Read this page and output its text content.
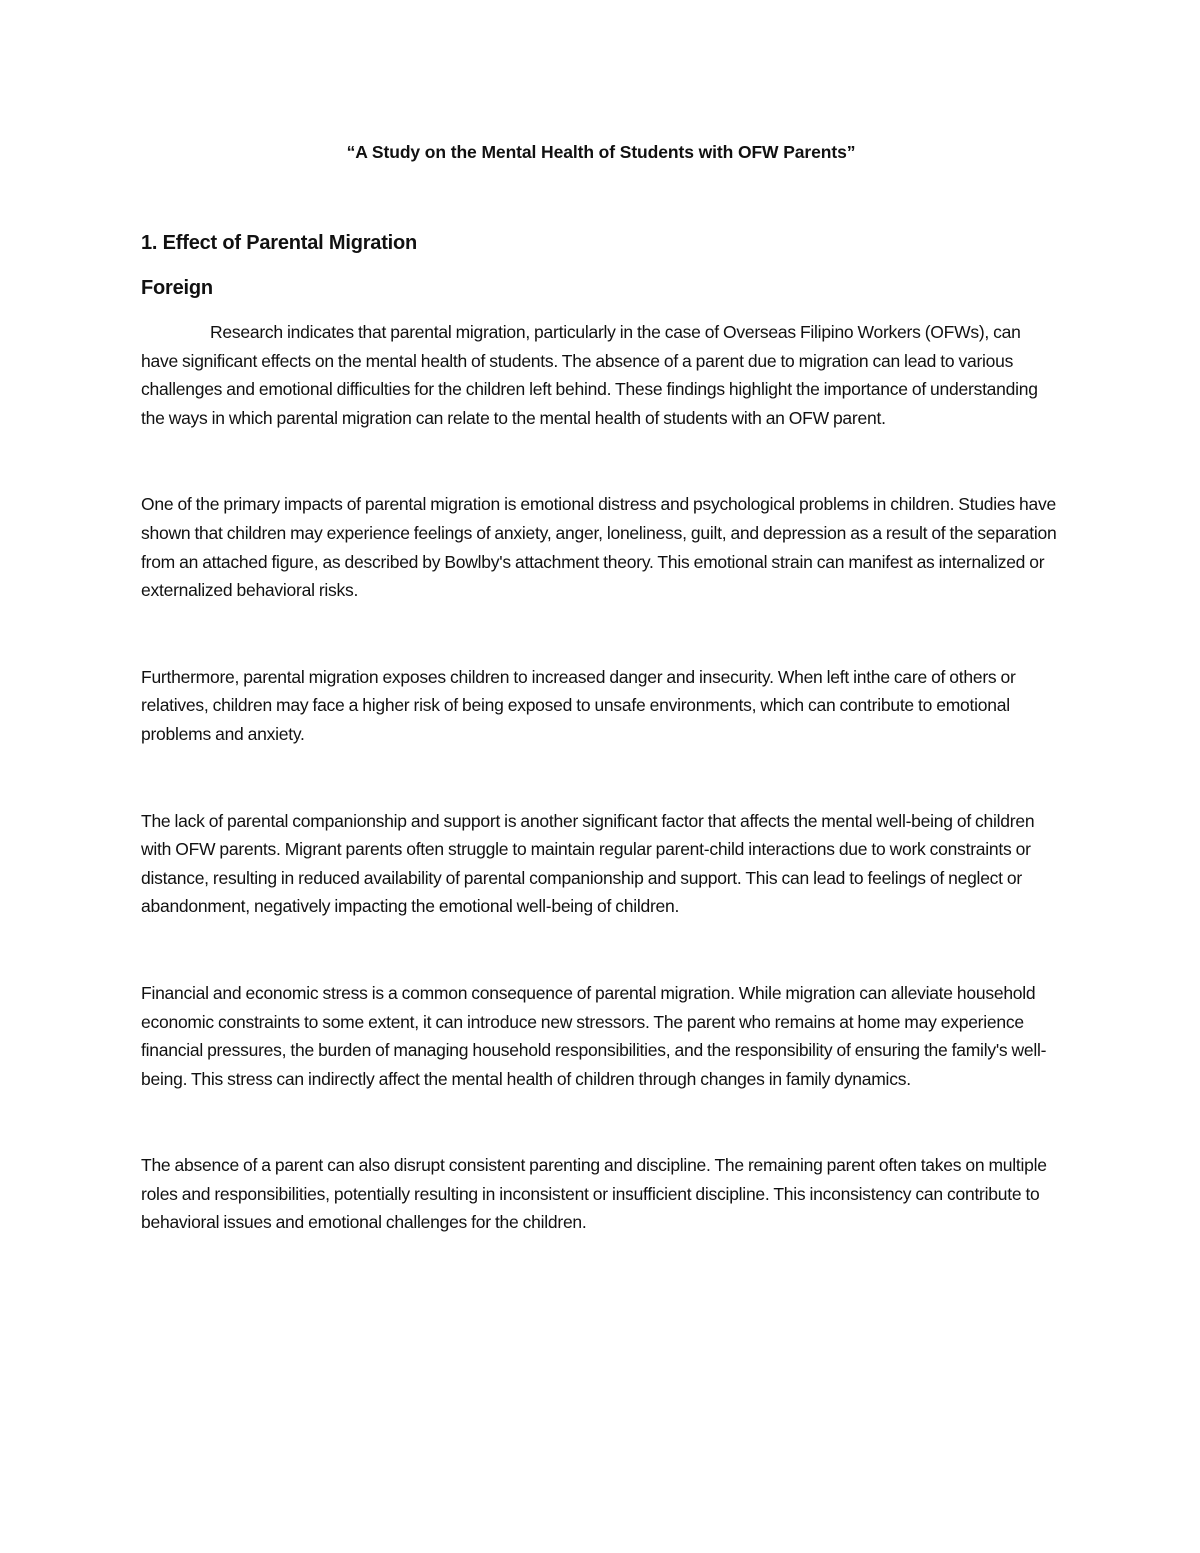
“A Study on the Mental Health of Students with OFW Parents”

1. Effect of Parental Migration

Foreign

Research indicates that parental migration, particularly in the case of Overseas Filipino Workers (OFWs), can have significant effects on the mental health of students. The absence of a parent due to migration can lead to various challenges and emotional difficulties for the children left behind. These findings highlight the importance of understanding the ways in which parental migration can relate to the mental health of students with an OFW parent.

One of the primary impacts of parental migration is emotional distress and psychological problems in children. Studies have shown that children may experience feelings of anxiety, anger, loneliness, guilt, and depression as a result of the separation from an attached figure, as described by Bowlby's attachment theory. This emotional strain can manifest as internalized or externalized behavioral risks.

Furthermore, parental migration exposes children to increased danger and insecurity. When left inthe care of others or relatives, children may face a higher risk of being exposed to unsafe environments, which can contribute to emotional problems and anxiety.

The lack of parental companionship and support is another significant factor that affects the mental well-being of children with OFW parents. Migrant parents often struggle to maintain regular parent-child interactions due to work constraints or distance, resulting in reduced availability of parental companionship and support. This can lead to feelings of neglect or abandonment, negatively impacting the emotional well-being of children.

Financial and economic stress is a common consequence of parental migration. While migration can alleviate household economic constraints to some extent, it can introduce new stressors. The parent who remains at home may experience financial pressures, the burden of managing household responsibilities, and the responsibility of ensuring the family's well-being. This stress can indirectly affect the mental health of children through changes in family dynamics.

The absence of a parent can also disrupt consistent parenting and discipline. The remaining parent often takes on multiple roles and responsibilities, potentially resulting in inconsistent or insufficient discipline. This inconsistency can contribute to behavioral issues and emotional challenges for the children.
